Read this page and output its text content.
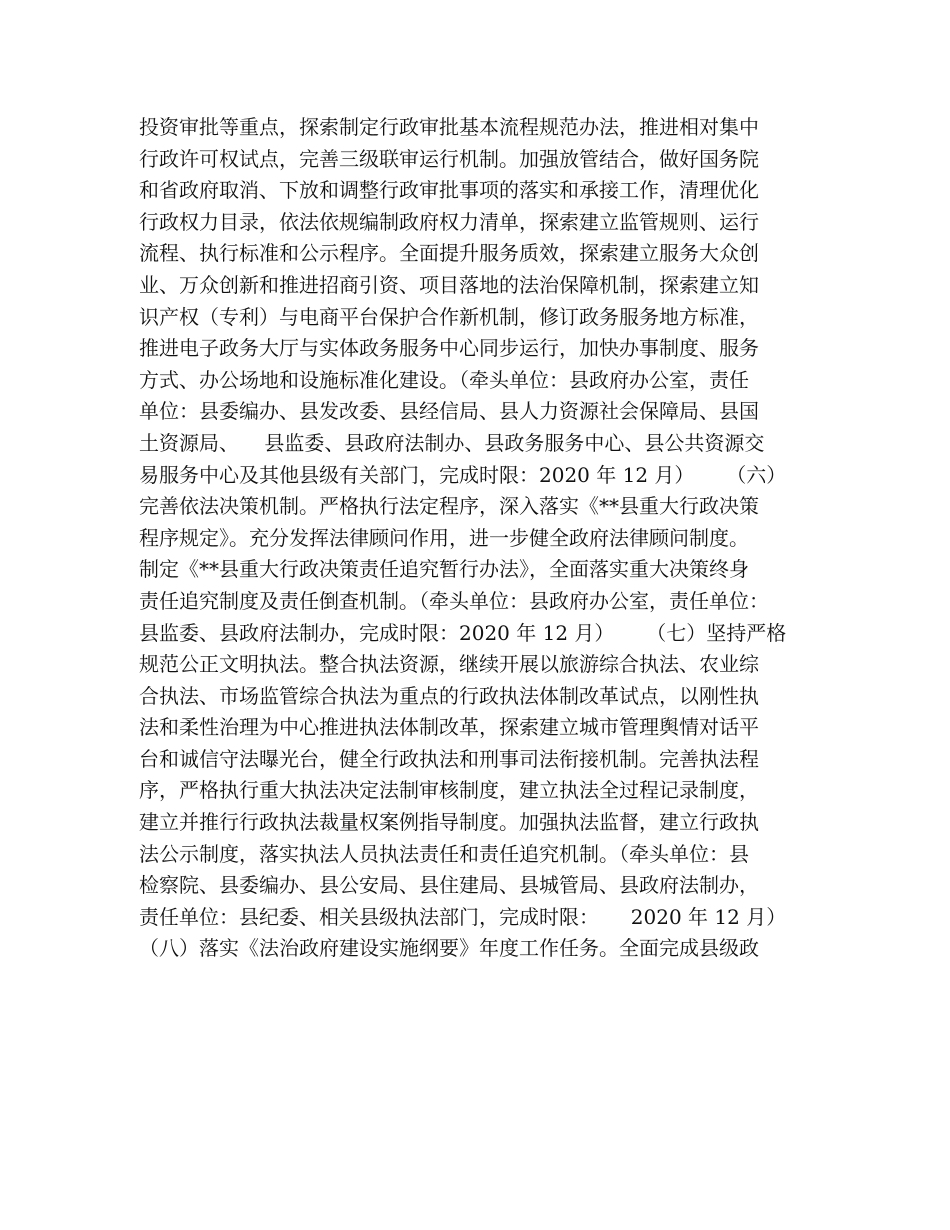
投资审批等重点，探索制定行政审批基本流程规范办法，推进相对集中
行政许可权试点，完善三级联审运行机制。加强放管结合，做好国务院
和省政府取消、下放和调整行政审批事项的落实和承接工作，清理优化
行政权力目录，依法依规编制政府权力清单，探索建立监管规则、运行
流程、执行标准和公示程序。全面提升服务质效，探索建立服务大众创
业、万众创新和推进招商引资、项目落地的法治保障机制，探索建立知
识产权（专利）与电商平台保护合作新机制，修订政务服务地方标准，
推进电子政务大厅与实体政务服务中心同步运行，加快办事制度、服务
方式、办公场地和设施标准化建设。（牵头单位：县政府办公室，责任
单位：县委编办、县发改委、县经信局、县人力资源社会保障局、县国
土资源局、    县监委、县政府法制办、县政务服务中心、县公共资源交
易服务中心及其他县级有关部门，完成时限：2020 年 12 月）     （六）
完善依法决策机制。严格执行法定程序，深入落实《**县重大行政决策
程序规定》。充分发挥法律顾问作用，进一步健全政府法律顾问制度。
制定《**县重大行政决策责任追究暂行办法》，全面落实重大决策终身
责任追究制度及责任倒查机制。（牵头单位：县政府办公室，责任单位：
县监委、县政府法制办，完成时限：2020 年 12 月）     （七）坚持严格
规范公正文明执法。整合执法资源，继续开展以旅游综合执法、农业综
合执法、市场监管综合执法为重点的行政执法体制改革试点，以刚性执
法和柔性治理为中心推进执法体制改革，探索建立城市管理舆情对话平
台和诚信守法曝光台，健全行政执法和刑事司法衔接机制。完善执法程
序，严格执行重大执法决定法制审核制度，建立执法全过程记录制度，
建立并推行行政执法裁量权案例指导制度。加强执法监督，建立行政执
法公示制度，落实执法人员执法责任和责任追究机制。（牵头单位：县
检察院、县委编办、县公安局、县住建局、县城管局、县政府法制办，
责任单位：县纪委、相关县级执法部门，完成时限：     2020 年 12 月）
（八）落实《法治政府建设实施纲要》年度工作任务。全面完成县级政
